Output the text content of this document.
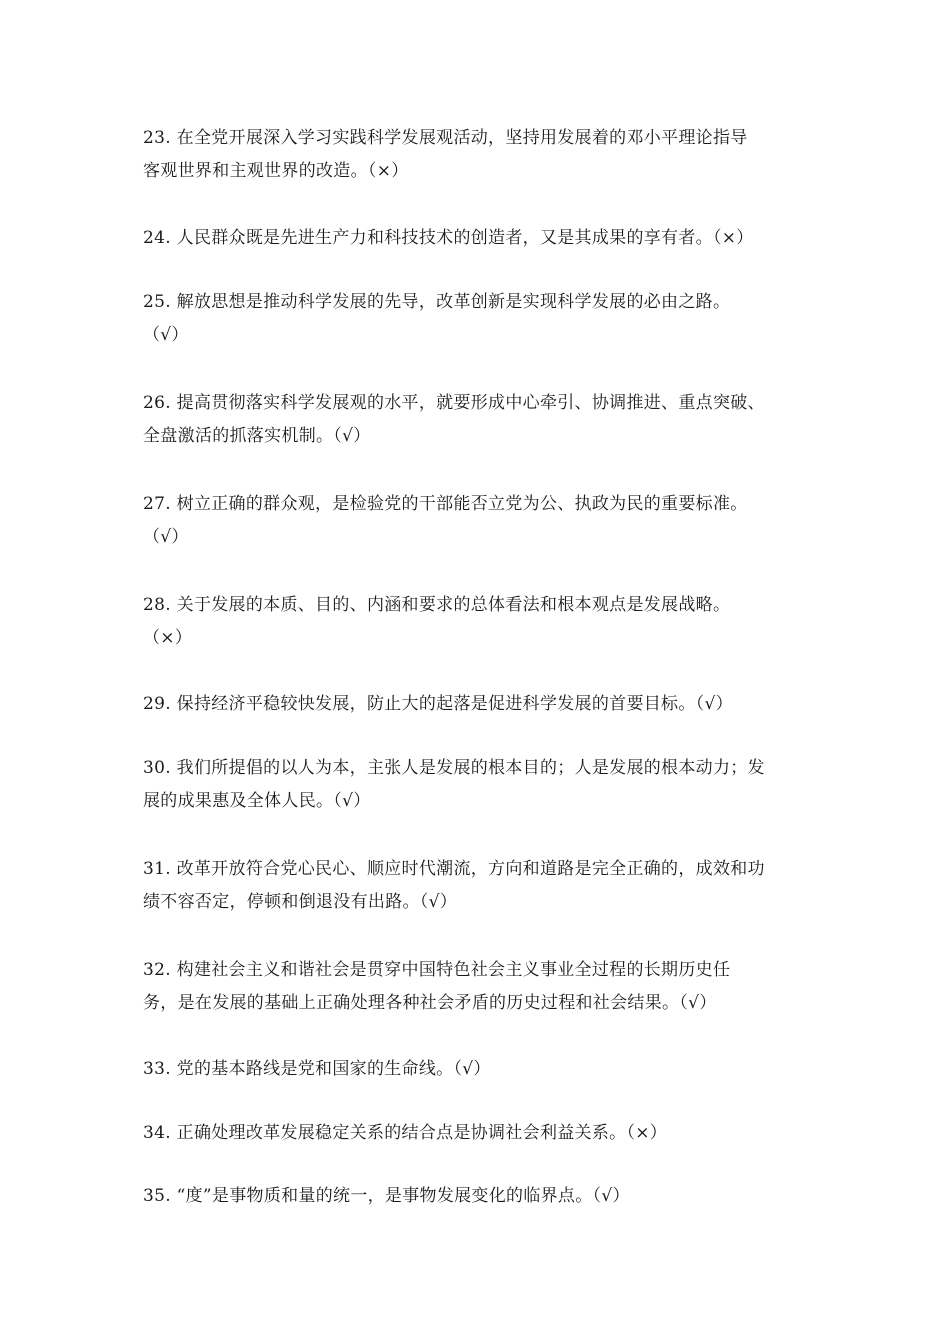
23. 在全党开展深入学习实践科学发展观活动，坚持用发展着的邓小平理论指导
客观世界和主观世界的改造。（×）

24. 人民群众既是先进生产力和科技技术的创造者，又是其成果的享有者。（×）

25. 解放思想是推动科学发展的先导，改革创新是实现科学发展的必由之路。
（√）

26. 提高贯彻落实科学发展观的水平，就要形成中心牵引、协调推进、重点突破、
全盘激活的抓落实机制。（√）

27. 树立正确的群众观，是检验党的干部能否立党为公、执政为民的重要标准。
（√）

28. 关于发展的本质、目的、内涵和要求的总体看法和根本观点是发展战略。
（×）

29. 保持经济平稳较快发展，防止大的起落是促进科学发展的首要目标。（√）

30. 我们所提倡的以人为本，主张人是发展的根本目的；人是发展的根本动力；发
展的成果惠及全体人民。（√）

31. 改革开放符合党心民心、顺应时代潮流，方向和道路是完全正确的，成效和功
绩不容否定，停顿和倒退没有出路。（√）

32. 构建社会主义和谐社会是贯穿中国特色社会主义事业全过程的长期历史任
务，是在发展的基础上正确处理各种社会矛盾的历史过程和社会结果。（√）

33. 党的基本路线是党和国家的生命线。（√）

34. 正确处理改革发展稳定关系的结合点是协调社会利益关系。（×）

35. “度”是事物质和量的统一，是事物发展变化的临界点。（√）
